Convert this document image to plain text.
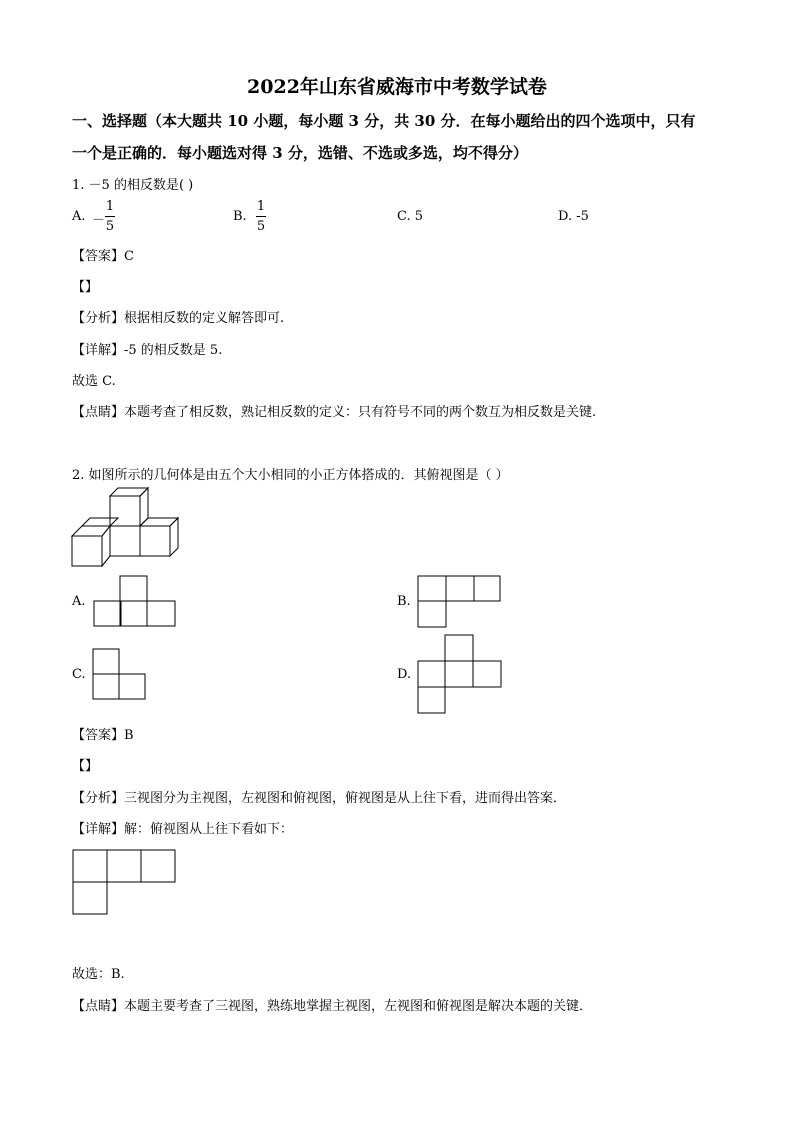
2022年山东省威海市中考数学试卷
一、选择题（本大题共 10 小题，每小题 3 分，共 30 分．在每小题给出的四个选项中，只有
一个是正确的．每小题选对得 3 分，选错、不选或多选，均不得分）
1. －5 的相反数是( )
A. －
1
5
B.
1
5
C. 5	D. -5
【答案】C
【】
【分析】根据相反数的定义解答即可.
【详解】-5 的相反数是 5.
故选 C.
【点睛】本题考查了相反数，熟记相反数的定义：只有符号不同的两个数互为相反数是关键.
2. 如图所示的几何体是由五个大小相同的小正方体搭成的．其俯视图是（ ）
A.	B.
C.	D.
【答案】B
【】
【分析】三视图分为主视图，左视图和俯视图，俯视图是从上往下看，进而得出答案．
【详解】解：俯视图从上往下看如下：
故选：B.
【点睛】本题主要考查了三视图，熟练地掌握主视图，左视图和俯视图是解决本题的关键．
